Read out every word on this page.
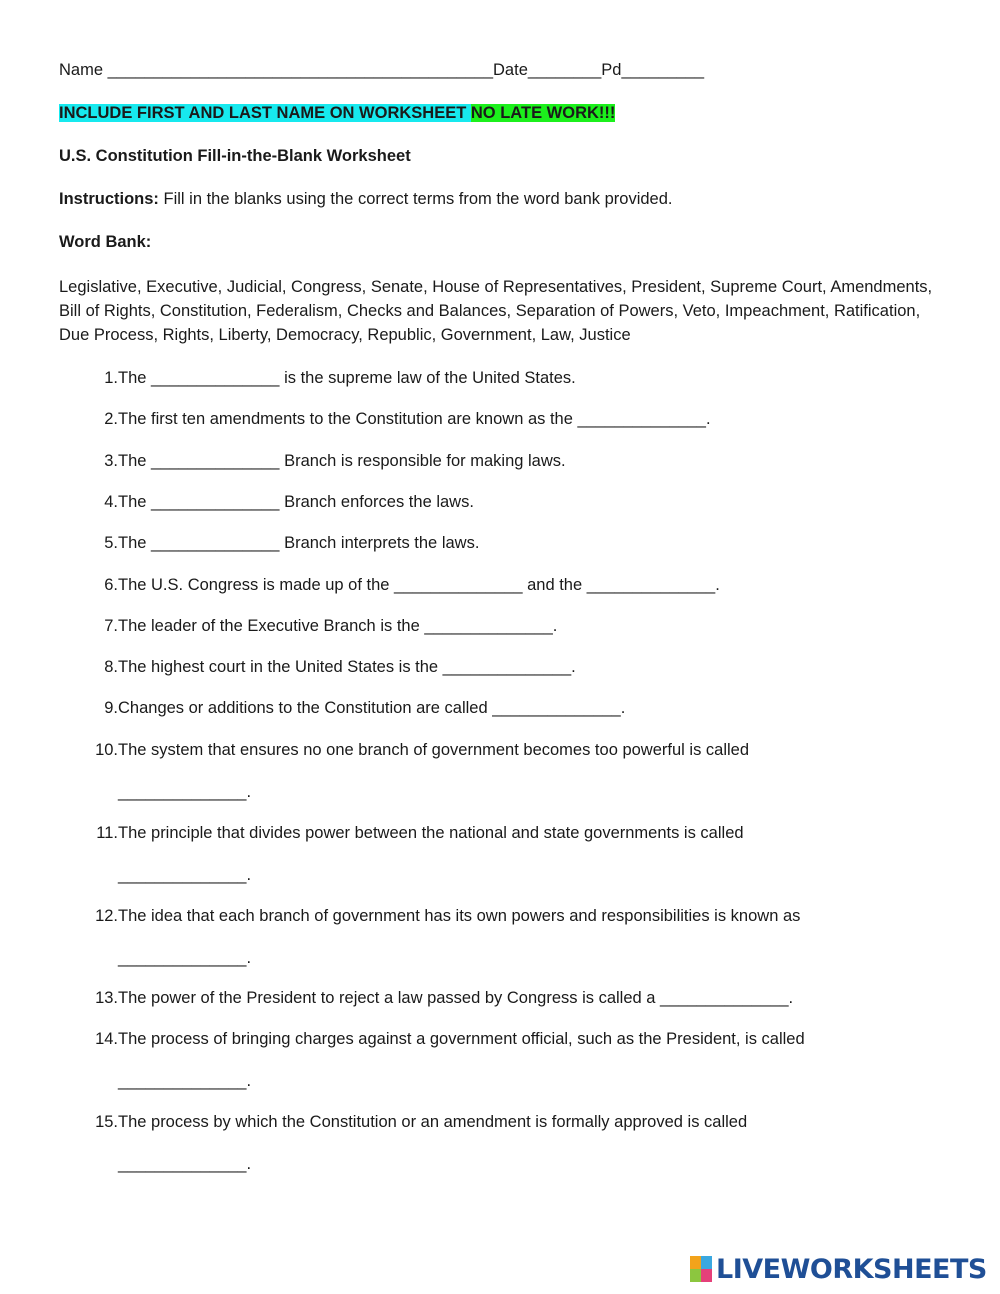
Name __________________________________________Date________Pd_________
INCLUDE FIRST AND LAST NAME ON WORKSHEET NO LATE WORK!!!
U.S. Constitution Fill-in-the-Blank Worksheet
Instructions: Fill in the blanks using the correct terms from the word bank provided.
Word Bank:
Legislative, Executive, Judicial, Congress, Senate, House of Representatives, President, Supreme Court, Amendments, Bill of Rights, Constitution, Federalism, Checks and Balances, Separation of Powers, Veto, Impeachment, Ratification, Due Process, Rights, Liberty, Democracy, Republic, Government, Law, Justice
1. The ______________ is the supreme law of the United States.
2. The first ten amendments to the Constitution are known as the ______________.
3. The ______________ Branch is responsible for making laws.
4. The ______________ Branch enforces the laws.
5. The ______________ Branch interprets the laws.
6. The U.S. Congress is made up of the ______________ and the ______________.
7. The leader of the Executive Branch is the ______________.
8. The highest court in the United States is the ______________.
9. Changes or additions to the Constitution are called ______________.
10. The system that ensures no one branch of government becomes too powerful is called
______________.
11. The principle that divides power between the national and state governments is called
______________.
12. The idea that each branch of government has its own powers and responsibilities is known as
______________.
13. The power of the President to reject a law passed by Congress is called a ______________.
14. The process of bringing charges against a government official, such as the President, is called
______________.
15. The process by which the Constitution or an amendment is formally approved is called
______________.
LIVEWORKSHEETS
